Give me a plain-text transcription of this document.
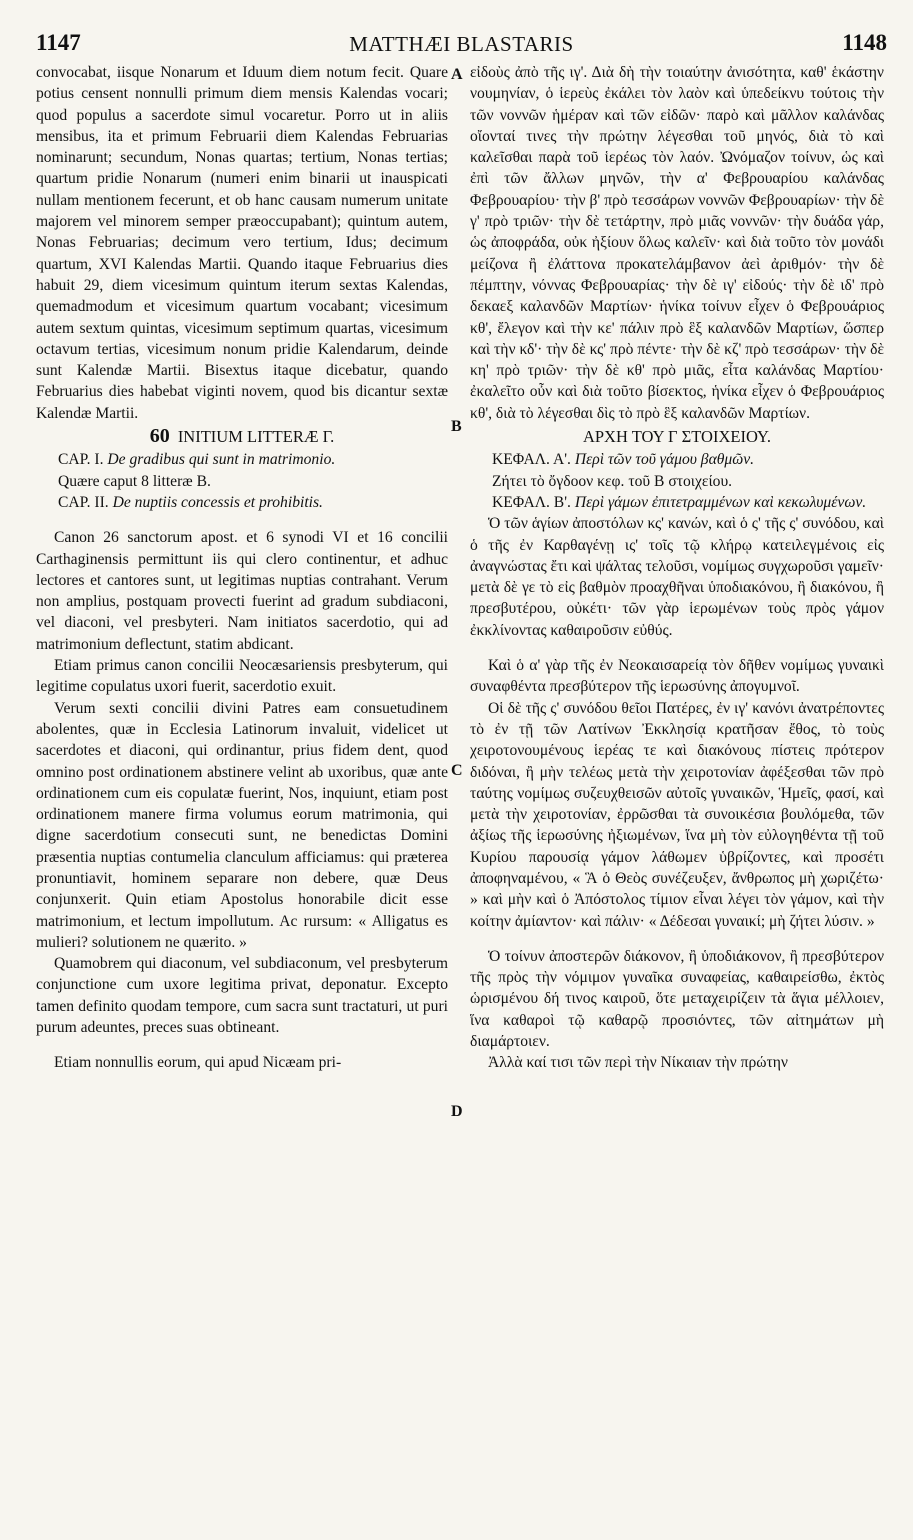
1147	MATTHÆI BLASTARIS	1148
A
B
C
D

convocabat, iisque Nonarum et Iduum diem notum fecit. Quare potius censent nonnulli primum diem mensis Kalendas vocari; quod populus a sacerdote simul vocaretur. Porro ut in aliis mensibus, ita et primum Februarii diem Kalendas Februarias nominarunt; secundum, Nonas quartas; tertium, Nonas tertias; quartum pridie Nonarum (numeri enim binarii ut inauspicati nullam mentionem fecerunt, et ob hanc causam numerum unitate majorem vel minorem semper præoccupabant); quintum autem, Nonas Februarias; decimum vero tertium, Idus; decimum quartum, XVI Kalendas Martii. Quando itaque Februarius dies habuit 29, diem vicesimum quintum iterum sextas Kalendas, quemadmodum et vicesimum quartum vocabant; vicesimum autem sextum quintas, vicesimum septimum quartas, vicesimum octavum tertias, vicesimum nonum pridie Kalendarum, deinde sunt Kalendæ Martii. Bisextus itaque dicebatur, quando Februarius dies habebat viginti novem, quod bis dicantur sextæ Kalendæ Martii.

60 INITIUM LITTERÆ Γ.

CAP. I. De gradibus qui sunt in matrimonio.

Quære caput 8 litteræ B.

CAP. II. De nuptiis concessis et prohibitis.

Canon 26 sanctorum apost. et 6 synodi VI et 16 concilii Carthaginensis permittunt iis qui clero continentur, et adhuc lectores et cantores sunt, ut legitimas nuptias contrahant. Verum non amplius, postquam provecti fuerint ad gradum subdiaconi, vel diaconi, vel presbyteri. Nam initiatos sacerdotio, qui ad matrimonium deflectunt, statim abdicant.

Etiam primus canon concilii Neocæsariensis presbyterum, qui legitime copulatus uxori fuerit, sacerdotio exuit.

Verum sexti concilii divini Patres eam consuetudinem abolentes, quæ in Ecclesia Latinorum invaluit, videlicet ut sacerdotes et diaconi, qui ordinantur, prius fidem dent, quod omnino post ordinationem abstinere velint ab uxoribus, quæ ante ordinationem cum eis copulatæ fuerint, Nos, inquiunt, etiam post ordinationem manere firma volumus eorum matrimonia, qui digne sacerdotium consecuti sunt, ne benedictas Domini præsentia nuptias contumelia clanculum afficiamus: qui præterea pronuntiavit, hominem separare non debere, quæ Deus conjunxerit. Quin etiam Apostolus honorabile dicit esse matrimonium, et lectum impollutum. Ac rursum: « Alligatus es mulieri? solutionem ne quærito. »

Quamobrem qui diaconum, vel subdiaconum, vel presbyterum conjunctione cum uxore legitima privat, deponatur. Excepto tamen definito quodam tempore, cum sacra sunt tractaturi, ut puri purum adeuntes, preces suas obtineant.

Etiam nonnullis eorum, qui apud Nicæam pri-

εἰδοὺς ἀπὸ τῆς ιγ'. Διὰ δὴ τὴν τοιαύτην ἀνισότητα, καθ' ἑκάστην νουμηνίαν, ὁ ἱερεὺς ἐκάλει τὸν λαὸν καὶ ὑπεδείκνυ τούτοις τὴν τῶν νοννῶν ἡμέραν καὶ τῶν εἰδῶν· παρὸ καὶ μᾶλλον καλάνδας οἴονταί τινες τὴν πρώτην λέγεσθαι τοῦ μηνός, διὰ τὸ καὶ καλεῖσθαι παρὰ τοῦ ἱερέως τὸν λαόν. Ὠνόμαζον τοίνυν, ὡς καὶ ἐπὶ τῶν ἄλλων μηνῶν, τὴν α' Φεβρουαρίου καλάνδας Φεβρουαρίου· τὴν β' πρὸ τεσσάρων νοννῶν Φεβρουαρίων· τὴν δὲ γ' πρὸ τριῶν· τὴν δὲ τετάρτην, πρὸ μιᾶς νοννῶν· τὴν δυάδα γάρ, ὡς ἀποφράδα, οὐκ ἠξίουν ὅλως καλεῖν· καὶ διὰ τοῦτο τὸν μονάδι μείζονα ἢ ἐλάττονα προκατελάμβανον ἀεὶ ἀριθμόν· τὴν δὲ πέμπτην, νόννας Φεβρουαρίας· τὴν δὲ ιγ' εἰδούς· τὴν δὲ ιδ' πρὸ δεκαεξ καλανδῶν Μαρτίων· ἡνίκα τοίνυν εἶχεν ὁ Φεβρουάριος κθ', ἔλεγον καὶ τὴν κε' πάλιν πρὸ ἓξ καλανδῶν Μαρτίων, ὥσπερ καὶ τὴν κδ'· τὴν δὲ κς' πρὸ πέντε· τὴν δὲ κζ' πρὸ τεσσάρων· τὴν δὲ κη' πρὸ τριῶν· τὴν δὲ κθ' πρὸ μιᾶς, εἶτα καλάνδας Μαρτίου· ἐκαλεῖτο οὖν καὶ διὰ τοῦτο βίσεκτος, ἡνίκα εἶχεν ὁ Φεβρουάριος κθ', διὰ τὸ λέγεσθαι δὶς τὸ πρὸ ἓξ καλανδῶν Μαρτίων.

ΑΡΧΗ ΤΟΥ Γ ΣΤΟΙΧΕΙΟΥ.

ΚΕΦΑΛ. Α'. Περὶ τῶν τοῦ γάμου βαθμῶν.

Ζήτει τὸ ὄγδοον κεφ. τοῦ Β στοιχείου.

ΚΕΦΑΛ. Β'. Περὶ γάμων ἐπιτετραμμένων καὶ κεκωλυμένων.

Ὁ τῶν ἁγίων ἀποστόλων κς' κανών, καὶ ὁ ς' τῆς ς' συνόδου, καὶ ὁ τῆς ἐν Καρθαγένῃ ις' τοῖς τῷ κλήρῳ κατειλεγμένοις εἰς ἀναγνώστας ἔτι καὶ ψάλτας τελοῦσι, νομίμως συγχωροῦσι γαμεῖν· μετὰ δὲ γε τὸ εἰς βαθμὸν προαχθῆναι ὑποδιακόνου, ἢ διακόνου, ἢ πρεσβυτέρου, οὐκέτι· τῶν γὰρ ἱερωμένων τοὺς πρὸς γάμον ἐκκλίνοντας καθαιροῦσιν εὐθύς.

Καὶ ὁ α' γὰρ τῆς ἐν Νεοκαισαρείᾳ τὸν δῆθεν νομίμως γυναικὶ συναφθέντα πρεσβύτερον τῆς ἱερωσύνης ἀπογυμνοῖ.

Οἱ δὲ τῆς ς' συνόδου θεῖοι Πατέρες, ἐν ιγ' κανόνι ἀνατρέποντες τὸ ἐν τῇ τῶν Λατίνων Ἐκκλησίᾳ κρατῆσαν ἔθος, τὸ τοὺς χειροτονουμένους ἱερέας τε καὶ διακόνους πίστεις πρότερον διδόναι, ἢ μὴν τελέως μετὰ τὴν χειροτονίαν ἀφέξεσθαι τῶν πρὸ ταύτης νομίμως συζευχθεισῶν αὐτοῖς γυναικῶν, Ἡμεῖς, φασί, καὶ μετὰ τὴν χειροτονίαν, ἐρρῶσθαι τὰ συνοικέσια βουλόμεθα, τῶν ἀξίως τῆς ἱερωσύνης ἠξιωμένων, ἵνα μὴ τὸν εὐλογηθέντα τῇ τοῦ Κυρίου παρουσίᾳ γάμον λάθωμεν ὑβρίζοντες, καὶ προσέτι ἀποφηναμένου, « Ἃ ὁ Θεὸς συνέζευξεν, ἄνθρωπος μὴ χωριζέτω· » καὶ μὴν καὶ ὁ Ἀπόστολος τίμιον εἶναι λέγει τὸν γάμον, καὶ τὴν κοίτην ἀμίαντον· καὶ πάλιν· « Δέδεσαι γυναικί; μὴ ζήτει λύσιν. »

Ὁ τοίνυν ἀποστερῶν διάκονον, ἢ ὑποδιάκονον, ἢ πρεσβύτερον τῆς πρὸς τὴν νόμιμον γυναῖκα συναφείας, καθαιρείσθω, ἐκτὸς ὡρισμένου δή τινος καιροῦ, ὅτε μεταχειρίζειν τὰ ἅγια μέλλοιεν, ἵνα καθαροὶ τῷ καθαρῷ προσιόντες, τῶν αἰτημάτων μὴ διαμάρτοιεν.

Ἀλλὰ καί τισι τῶν περὶ τὴν Νίκαιαν τὴν πρώτην
